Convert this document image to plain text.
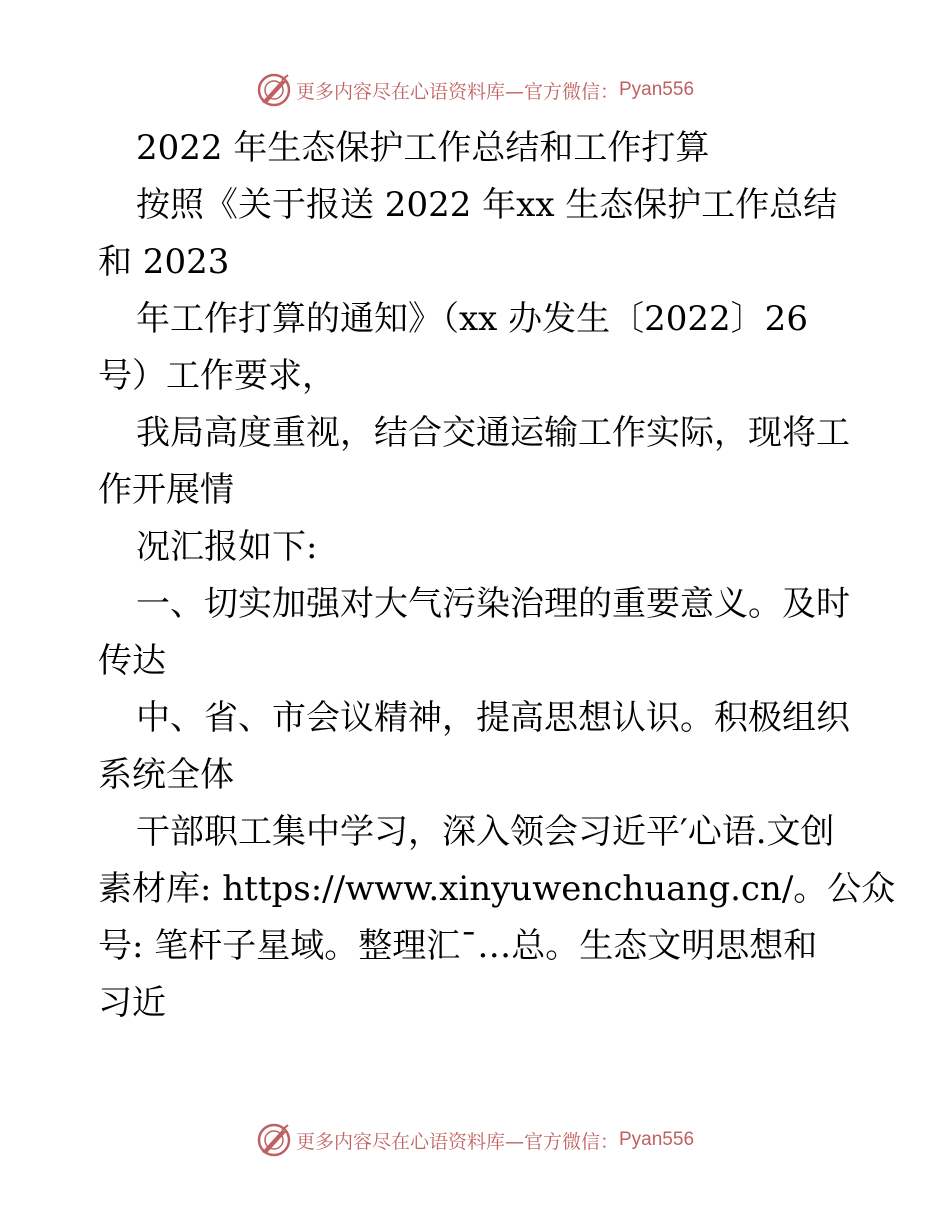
更多内容尽在心语资料库—官方微信： Pyan556
2022 年生态保护工作总结和工作打算
按照《关于报送 2022 年xx 生态保护工作总结
和 2023
年工作打算的通知》（xx 办发生〔2022〕26
号）工作要求，
我局高度重视，结合交通运输工作实际，现将工
作开展情
况汇报如下:
一、切实加强对大气污染治理的重要意义。及时
传达
中、省、市会议精神，提高思想认识。积极组织
系统全体
干部职工集中学习，深入领会习近平′心语.文创
素材库: https://www.xinyuwenchuang.cn/。公众
号: 笔杆子星域。整理汇¯…总。生态文明思想和
习近
更多内容尽在心语资料库—官方微信： Pyan556
